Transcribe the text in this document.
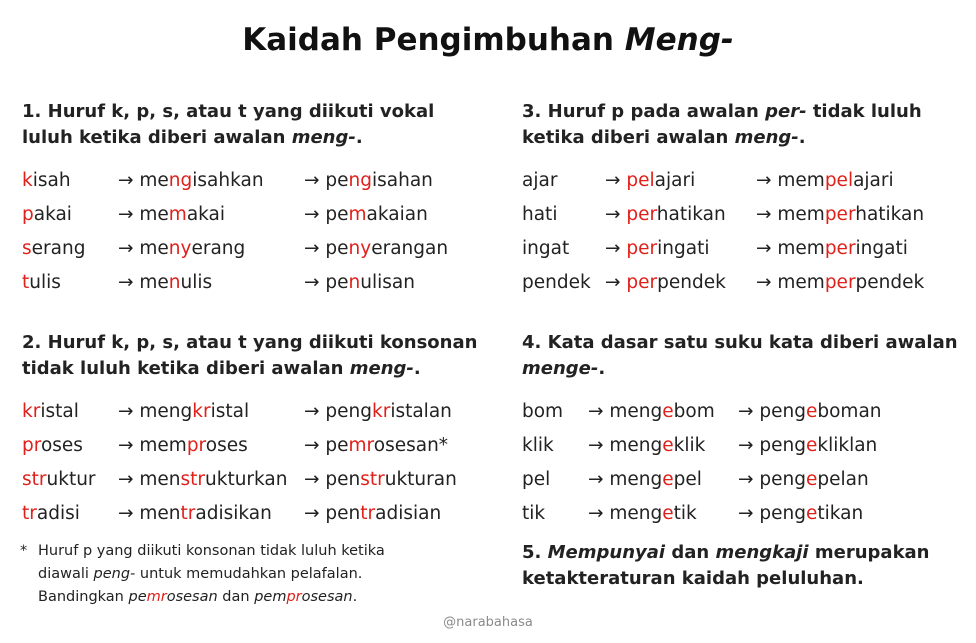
Kaidah Pengimbuhan Meng-
1. Huruf k, p, s, atau t yang diikuti vokal
luluh ketika diberi awalan meng-.
kisah	→ mengisahkan	→ pengisahan
pakai	→ memakai	→ pemakaian
serang	→ menyerang	→ penyerangan
tulis	→ menulis	→ penulisan
2. Huruf k, p, s, atau t yang diikuti konsonan
tidak luluh ketika diberi awalan meng-.
kristal	→ mengkristal	→ pengkristalan
proses	→ memproses	→ pemrosesan*
struktur	→ menstrukturkan → penstrukturan
tradisi	→ mentradisikan	→ pentradisian
3. Huruf p pada awalan per- tidak luluh
ketika diberi awalan meng-.
ajar	→ pelajari	→ mempelajari
hati	→ perhatikan	→ memperhatikan
ingat	→ peringati	→ memperingati
pendek → perpendek	→ memperpendek
4. Kata dasar satu suku kata diberi awalan
menge-.
bom	→ mengebom	→ pengeboman
klik	→ mengeklik	→ pengekliklan
pel	→ mengepel	→ pengepelan
tik	→ mengetik	→ pengetikan
* Huruf p yang diikuti konsonan tidak luluh ketika
diawali peng- untuk memudahkan pelafalan.
Bandingkan pemrosesan dan pemprosesan.
5. Mempunyai dan mengkaji merupakan
ketakteraturan kaidah peluluhan.
@narabahasa
